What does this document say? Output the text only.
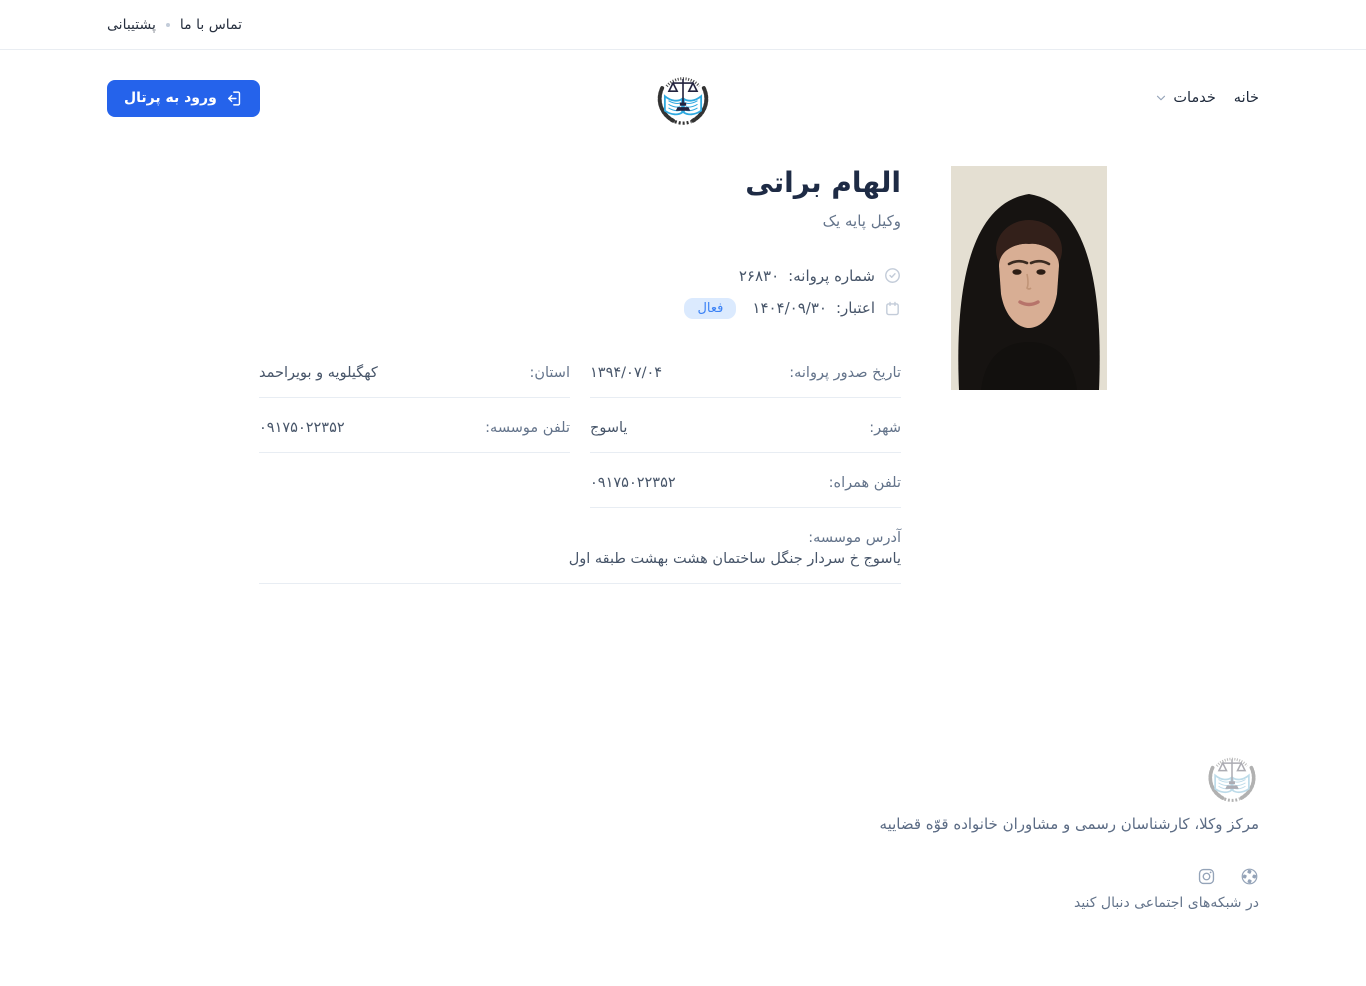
تماس با ما
پشتیبانی
خانه
خدمات
ورود به پرتال
الهام براتی
وکیل پایه یک
شماره پروانه:
۲۶۸۳۰
اعتبار:
۱۴۰۴/۰۹/۳۰
فعال
تاریخ صدور پروانه:
۱۳۹۴/۰۷/۰۴
استان:
کهگیلویه و بویراحمد
شهر:
یاسوج
تلفن موسسه:
۰۹۱۷۵۰۲۲۳۵۲
تلفن همراه:
۰۹۱۷۵۰۲۲۳۵۲
آدرس موسسه:
یاسوج خ سردار جنگل ساختمان هشت بهشت طبقه اول
مرکز وکلا، کارشناسان رسمی و مشاوران خانواده قوّه قضاییه
در شبکه‌های اجتماعی دنبال کنید
